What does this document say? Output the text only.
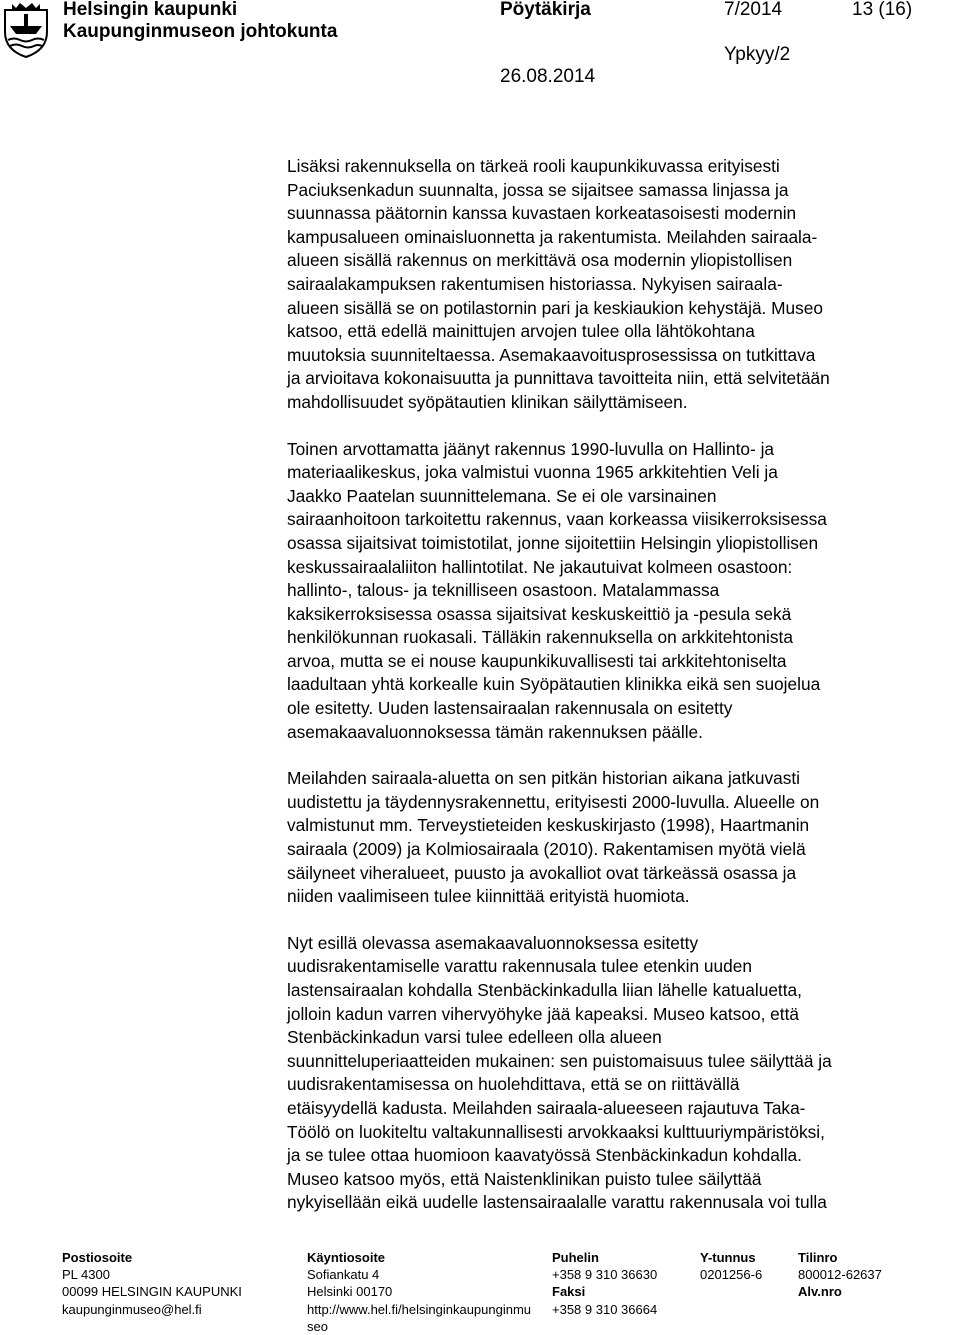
Helsingin kaupunki
Kaupunginmuseon johtokunta
Pöytäkirja	7/2014	13 (16)
Ypkyy/2
26.08.2014
Lisäksi rakennuksella on tärkeä rooli kaupunkikuvassa erityisesti
Paciuksenkadun suunnalta, jossa se sijaitsee samassa linjassa ja
suunnassa päätornin kanssa kuvastaen korkeatasoisesti modernin
kampusalueen ominaisluonnetta ja rakentumista. Meilahden sairaala-
alueen sisällä rakennus on merkittävä osa modernin yliopistollisen
sairaalakampuksen rakentumisen historiassa. Nykyisen sairaala-
alueen sisällä se on potilastornin pari ja keskiaukion kehystäjä. Museo
katsoo, että edellä mainittujen arvojen tulee olla lähtökohtana
muutoksia suunniteltaessa. Asemakaavoitusprosessissa on tutkittava
ja arvioitava kokonaisuutta ja punnittava tavoitteita niin, että selvitetään
mahdollisuudet syöpätautien klinikan säilyttämiseen.
Toinen arvottamatta jäänyt rakennus 1990-luvulla on Hallinto- ja
materiaalikeskus, joka valmistui vuonna 1965 arkkitehtien Veli ja
Jaakko Paatelan suunnittelemana. Se ei ole varsinainen
sairaanhoitoon tarkoitettu rakennus, vaan korkeassa viisikerroksisessa
osassa sijaitsivat toimistotilat, jonne sijoitettiin Helsingin yliopistollisen
keskussairaalaliiton hallintotilat. Ne jakautuivat kolmeen osastoon:
hallinto-, talous- ja teknilliseen osastoon. Matalammassa
kaksikerroksisessa osassa sijaitsivat keskuskeittiö ja -pesula sekä
henkilökunnan ruokasali. Tälläkin rakennuksella on arkkitehtonista
arvoa, mutta se ei nouse kaupunkikuvallisesti tai arkkitehtoniselta
laadultaan yhtä korkealle kuin Syöpätautien klinikka eikä sen suojelua
ole esitetty. Uuden lastensairaalan rakennusala on esitetty
asemakaavaluonnoksessa tämän rakennuksen päälle.
Meilahden sairaala-aluetta on sen pitkän historian aikana jatkuvasti
uudistettu ja täydennysrakennettu, erityisesti 2000-luvulla. Alueelle on
valmistunut mm. Terveystieteiden keskuskirjasto (1998), Haartmanin
sairaala (2009) ja Kolmiosairaala (2010). Rakentamisen myötä vielä
säilyneet viheralueet, puusto ja avokalliot ovat tärkeässä osassa ja
niiden vaalimiseen tulee kiinnittää erityistä huomiota.
Nyt esillä olevassa asemakaavaluonnoksessa esitetty
uudisrakentamiselle varattu rakennusala tulee etenkin uuden
lastensairaalan kohdalla Stenbäckinkadulla liian lähelle katualuetta,
jolloin kadun varren vihervyöhyke jää kapeaksi. Museo katsoo, että
Stenbäckinkadun varsi tulee edelleen olla alueen
suunnitteluperiaatteiden mukainen: sen puistomaisuus tulee säilyttää ja
uudisrakentamisessa on huolehdittava, että se on riittävällä
etäisyydellä kadusta. Meilahden sairaala-alueeseen rajautuva Taka-
Töölö on luokiteltu valtakunnallisesti arvokkaaksi kulttuuriympäristöksi,
ja se tulee ottaa huomioon kaavatyössä Stenbäckinkadun kohdalla.
Museo katsoo myös, että Naistenklinikan puisto tulee säilyttää
nykyisellään eikä uudelle lastensairaalalle varattu rakennusala voi tulla
Postiosoite
PL 4300
00099 HELSINGIN KAUPUNKI
kaupunginmuseo@hel.fi
Käyntiosoite
Sofiankatu 4
Helsinki 00170
http://www.hel.fi/helsinginkaupunginmu
seo
Puhelin
+358 9 310 36630
Faksi
+358 9 310 36664
Y-tunnus
0201256-6
Tilinro
800012-62637
Alv.nro
